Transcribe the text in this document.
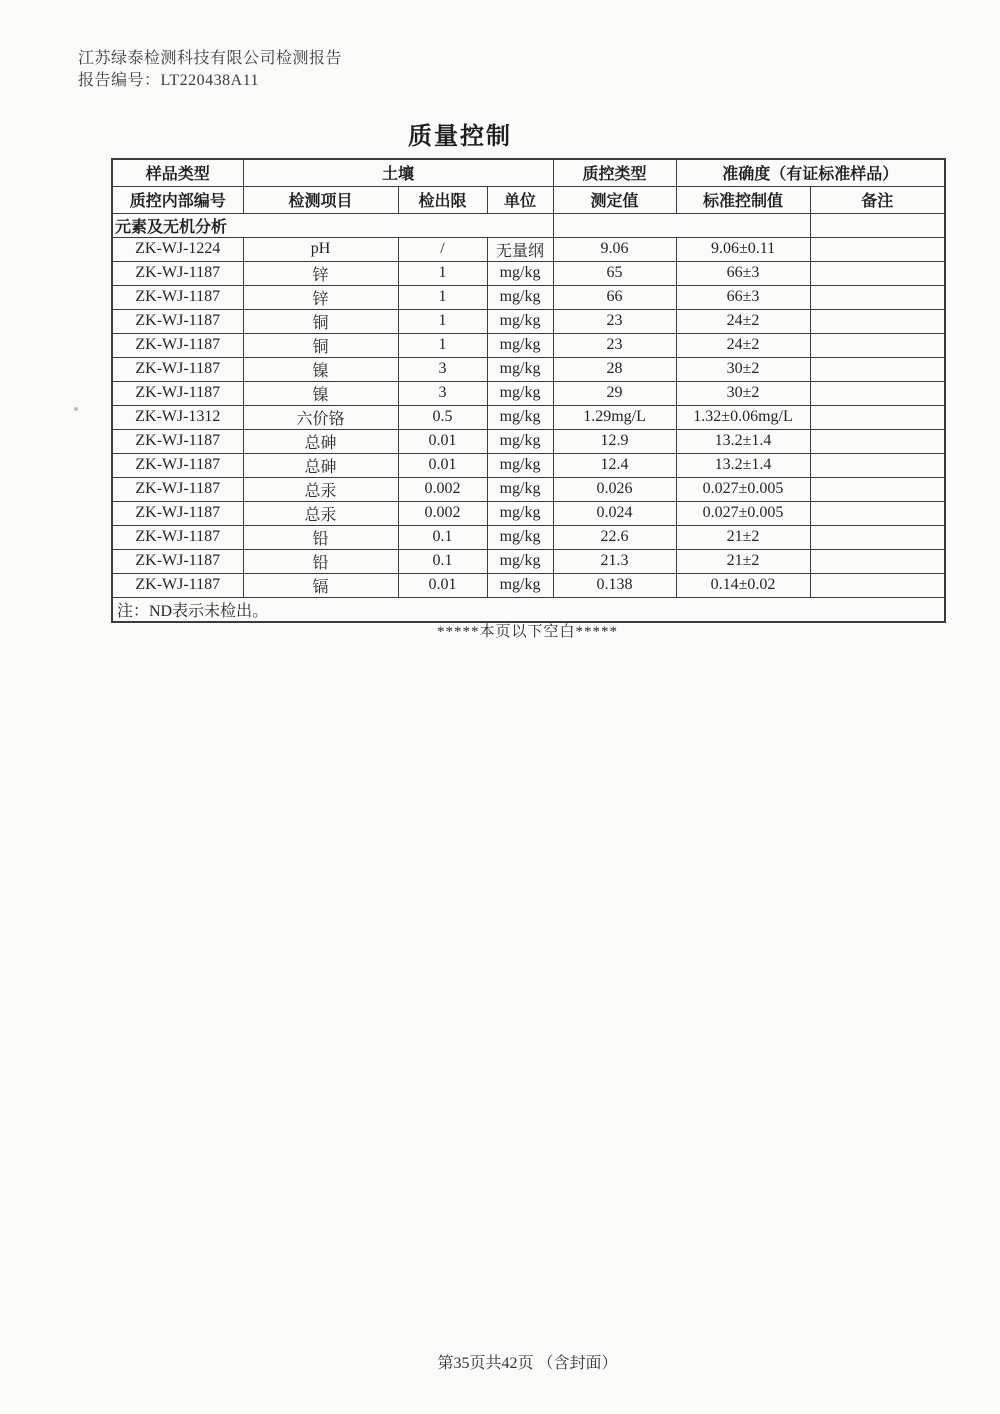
江苏绿泰检测科技有限公司检测报告
报告编号：LT220438A11
质量控制
样品类型	土壤			质控类型	准确度（有证标准样品）	
质控内部编号	检测项目	检出限	单位	测定值	标准控制值	备注
元素及无机分析						
ZK-WJ-1224	pH	/	无量纲	9.06	9.06±0.11	
ZK-WJ-1187	锌	1	mg/kg	65	66±3	
ZK-WJ-1187	锌	1	mg/kg	66	66±3	
ZK-WJ-1187	铜	1	mg/kg	23	24±2	
ZK-WJ-1187	铜	1	mg/kg	23	24±2	
ZK-WJ-1187	镍	3	mg/kg	28	30±2	
ZK-WJ-1187	镍	3	mg/kg	29	30±2	
ZK-WJ-1312	六价铬	0.5	mg/kg	1.29mg/L	1.32±0.06mg/L	
ZK-WJ-1187	总砷	0.01	mg/kg	12.9	13.2±1.4	
ZK-WJ-1187	总砷	0.01	mg/kg	12.4	13.2±1.4	
ZK-WJ-1187	总汞	0.002	mg/kg	0.026	0.027±0.005	
ZK-WJ-1187	总汞	0.002	mg/kg	0.024	0.027±0.005	
ZK-WJ-1187	铅	0.1	mg/kg	22.6	21±2	
ZK-WJ-1187	铅	0.1	mg/kg	21.3	21±2	
ZK-WJ-1187	镉	0.01	mg/kg	0.138	0.14±0.02	
注：ND表示未检出。						
*****本页以下空白*****
第35页共42页 （含封面）
